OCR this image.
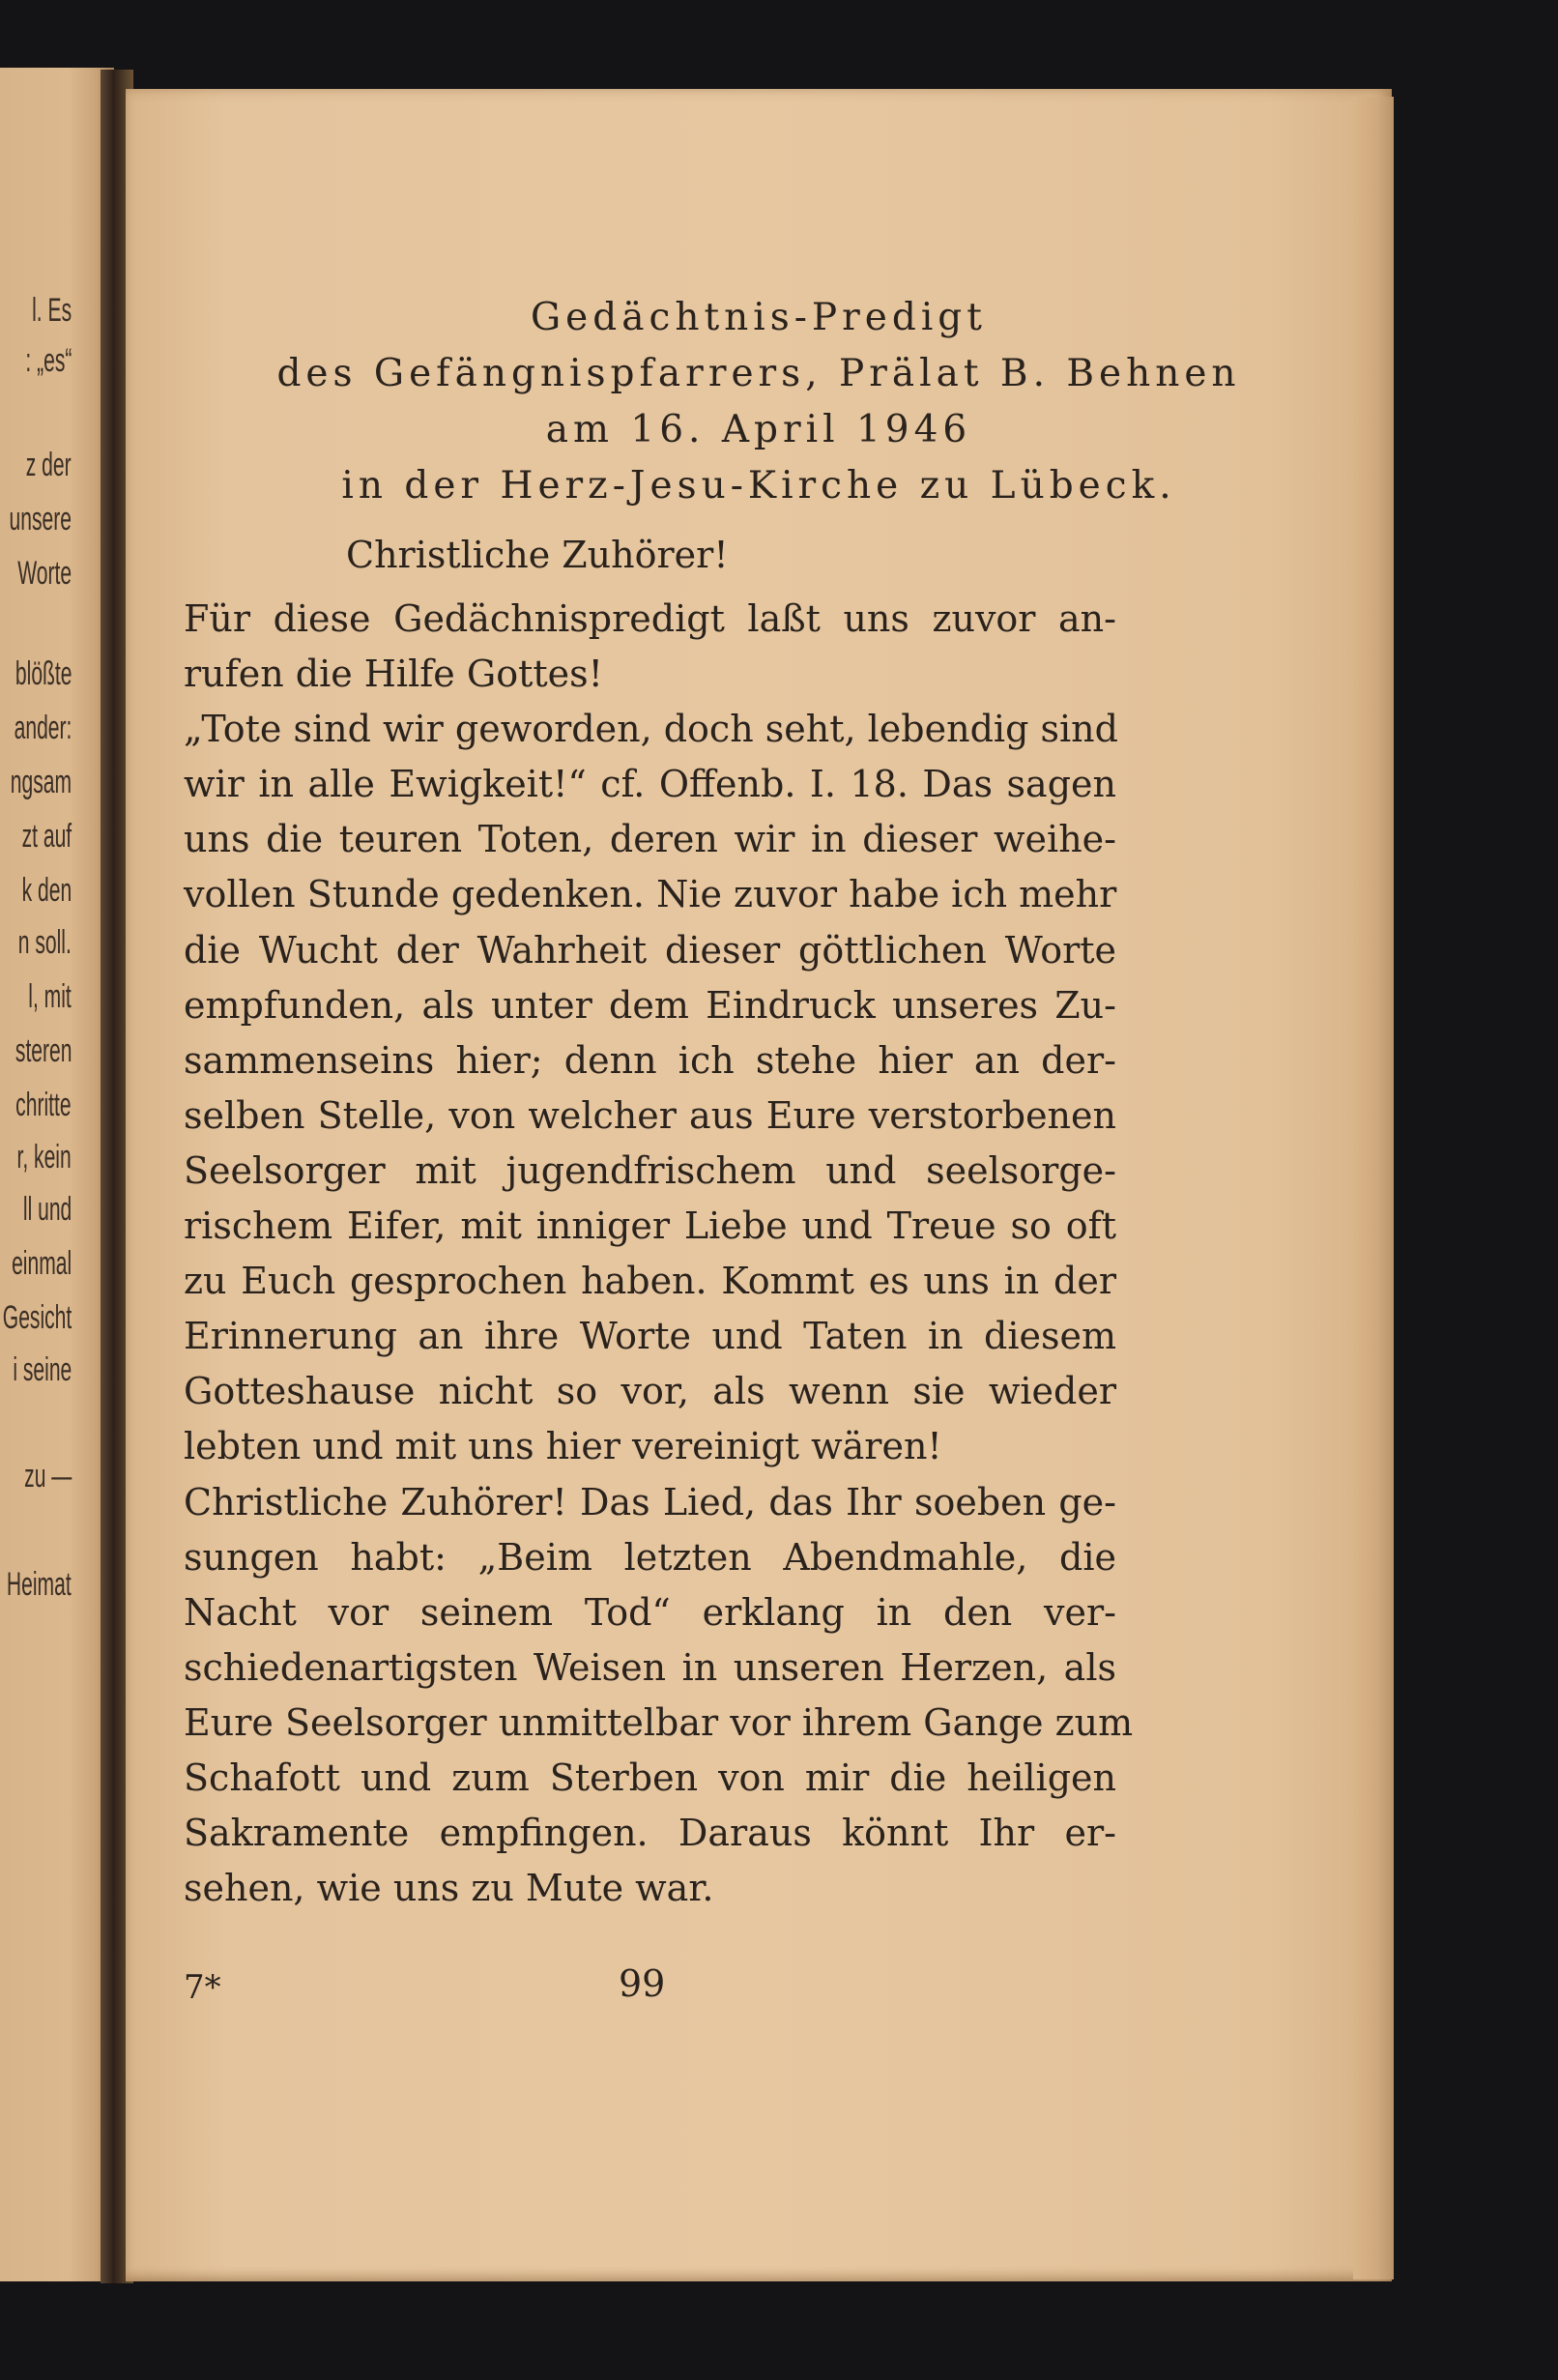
l. Es
: „es“
z der
unsere
Worte
blößte
ander:
ngsam
zt auf
k den
n soll.
l, mit
steren
chritte
r, kein
ll und
einmal
Gesicht
i seine
zu —
Heimat
Gedächtnis-Predigt
des Gefängnispfarrers, Prälat B. Behnen
am 16. April 1946
in der Herz-Jesu-Kirche zu Lübeck.
Christliche Zuhörer!
Für diese Gedächnispredigt laßt uns zuvor an-
rufen die Hilfe Gottes!
„Tote sind wir geworden, doch seht, lebendig sind
wir in alle Ewigkeit!“ cf. Offenb. I. 18. Das sagen
uns die teuren Toten, deren wir in dieser weihe-
vollen Stunde gedenken. Nie zuvor habe ich mehr
die Wucht der Wahrheit dieser göttlichen Worte
empfunden, als unter dem Eindruck unseres Zu-
sammenseins hier; denn ich stehe hier an der-
selben Stelle, von welcher aus Eure verstorbenen
Seelsorger mit jugendfrischem und seelsorge-
rischem Eifer, mit inniger Liebe und Treue so oft
zu Euch gesprochen haben. Kommt es uns in der
Erinnerung an ihre Worte und Taten in diesem
Gotteshause nicht so vor, als wenn sie wieder
lebten und mit uns hier vereinigt wären!
Christliche Zuhörer! Das Lied, das Ihr soeben ge-
sungen habt: „Beim letzten Abendmahle, die
Nacht vor seinem Tod“ erklang in den ver-
schiedenartigsten Weisen in unseren Herzen, als
Eure Seelsorger unmittelbar vor ihrem Gange zum
Schafott und zum Sterben von mir die heiligen
Sakramente empfingen. Daraus könnt Ihr er-
sehen, wie uns zu Mute war.
7*	99
